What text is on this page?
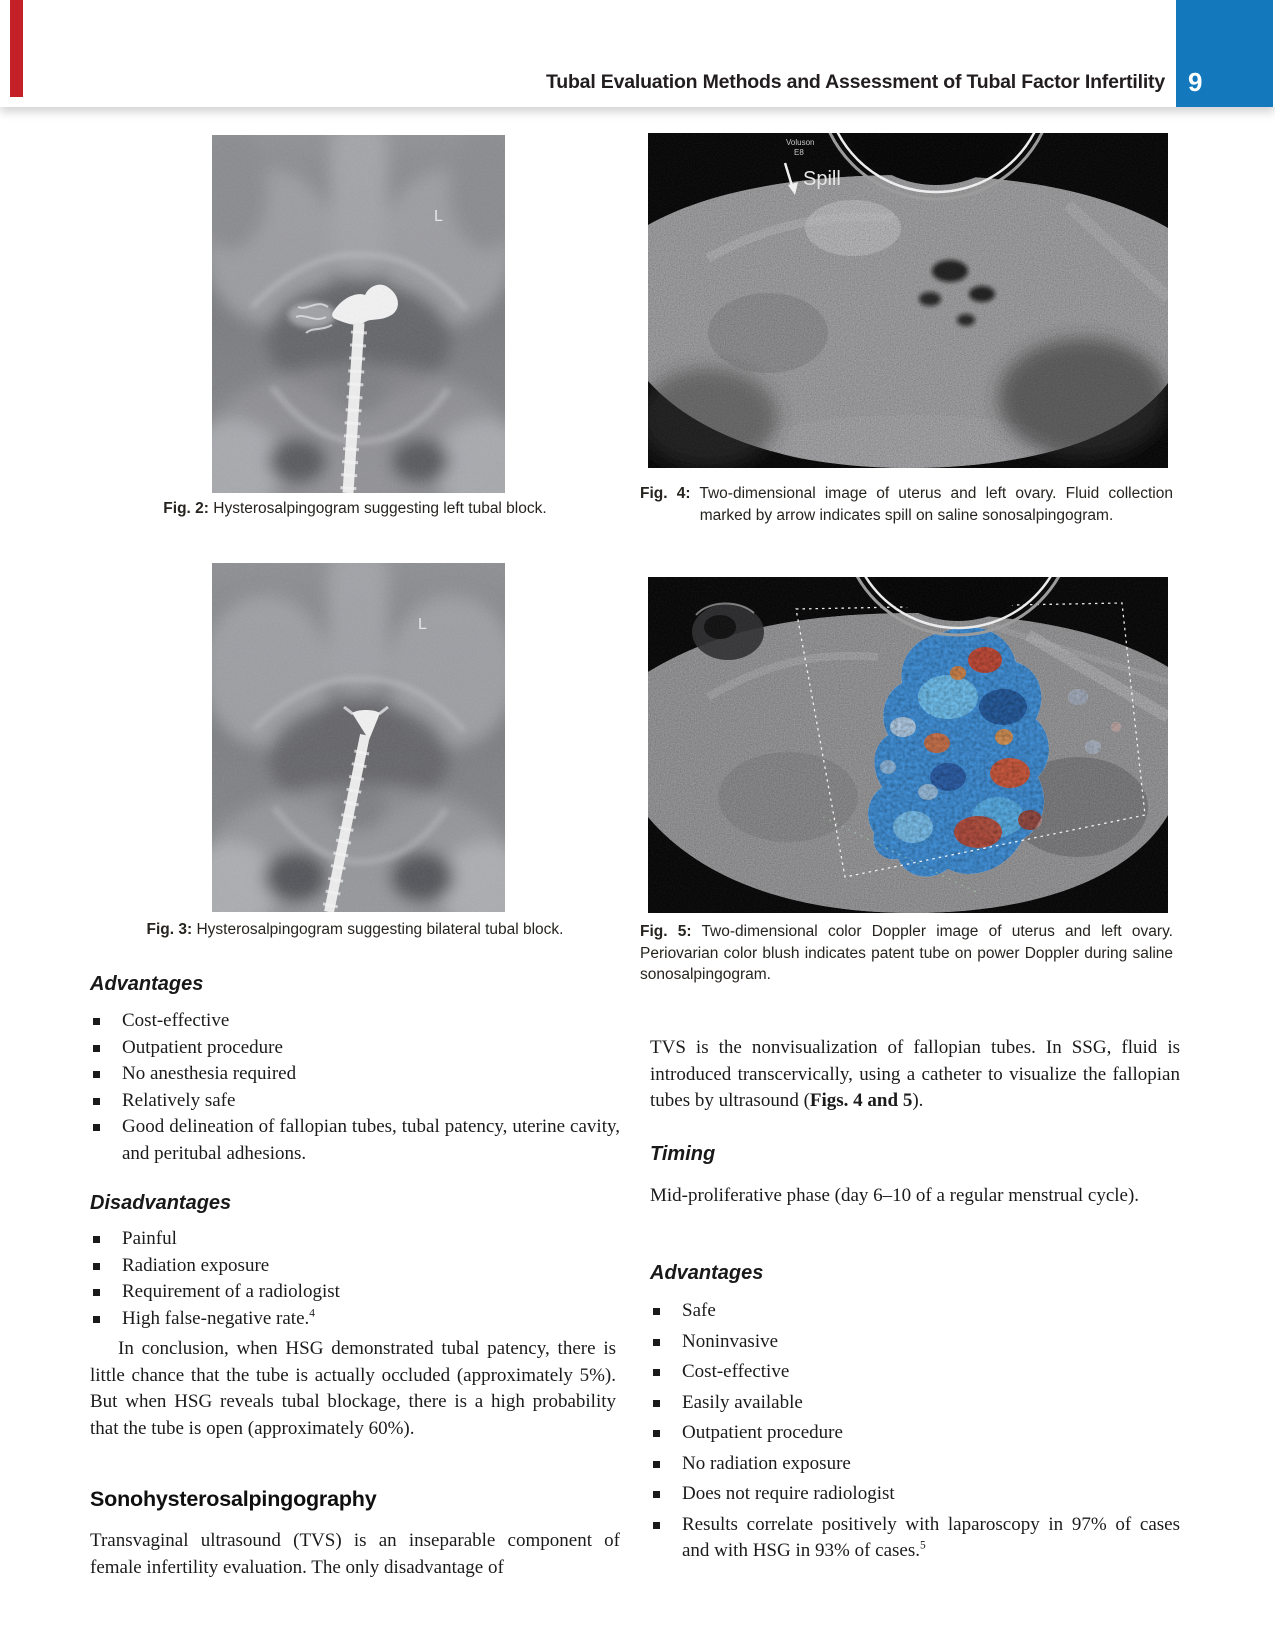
Tubal Evaluation Methods and Assessment of Tubal Factor Infertility 9
L
Fig. 2: Hysterosalpingogram suggesting left tubal block.
L
Fig. 3: Hysterosalpingogram suggesting bilateral tubal block.
Voluson
E8
Spill
Fig. 4: Two-dimensional image of uterus and left ovary. Fluid collection marked by arrow indicates spill on saline sonosalpingogram.
Fig. 5: Two-dimensional color Doppler image of uterus and left ovary. Periovarian color blush indicates patent tube on power Doppler during saline sonosalpingogram.
Advantages
Cost-effective
Outpatient procedure
No anesthesia required
Relatively safe
Good delineation of fallopian tubes, tubal patency, uterine cavity, and peritubal adhesions.
Disadvantages
Painful
Radiation exposure
Requirement of a radiologist
High false-negative rate.$^4$
In conclusion, when HSG demonstrated tubal patency, there is little chance that the tube is actually occluded (approximately 5%). But when HSG reveals tubal blockage, there is a high probability that the tube is open (approximately 60%).
Sonohysterosalpingography
Transvaginal ultrasound (TVS) is an inseparable component of female infertility evaluation. The only disadvantage of
TVS is the nonvisualization of fallopian tubes. In SSG, fluid is introduced transcervically, using a catheter to visualize the fallopian tubes by ultrasound (Figs. 4 and 5).
Timing
Mid-proliferative phase (day 6–10 of a regular menstrual cycle).
Advantages
Safe
Noninvasive
Cost-effective
Easily available
Outpatient procedure
No radiation exposure
Does not require radiologist
Results correlate positively with laparoscopy in 97% of cases and with HSG in 93% of cases.$^5$
